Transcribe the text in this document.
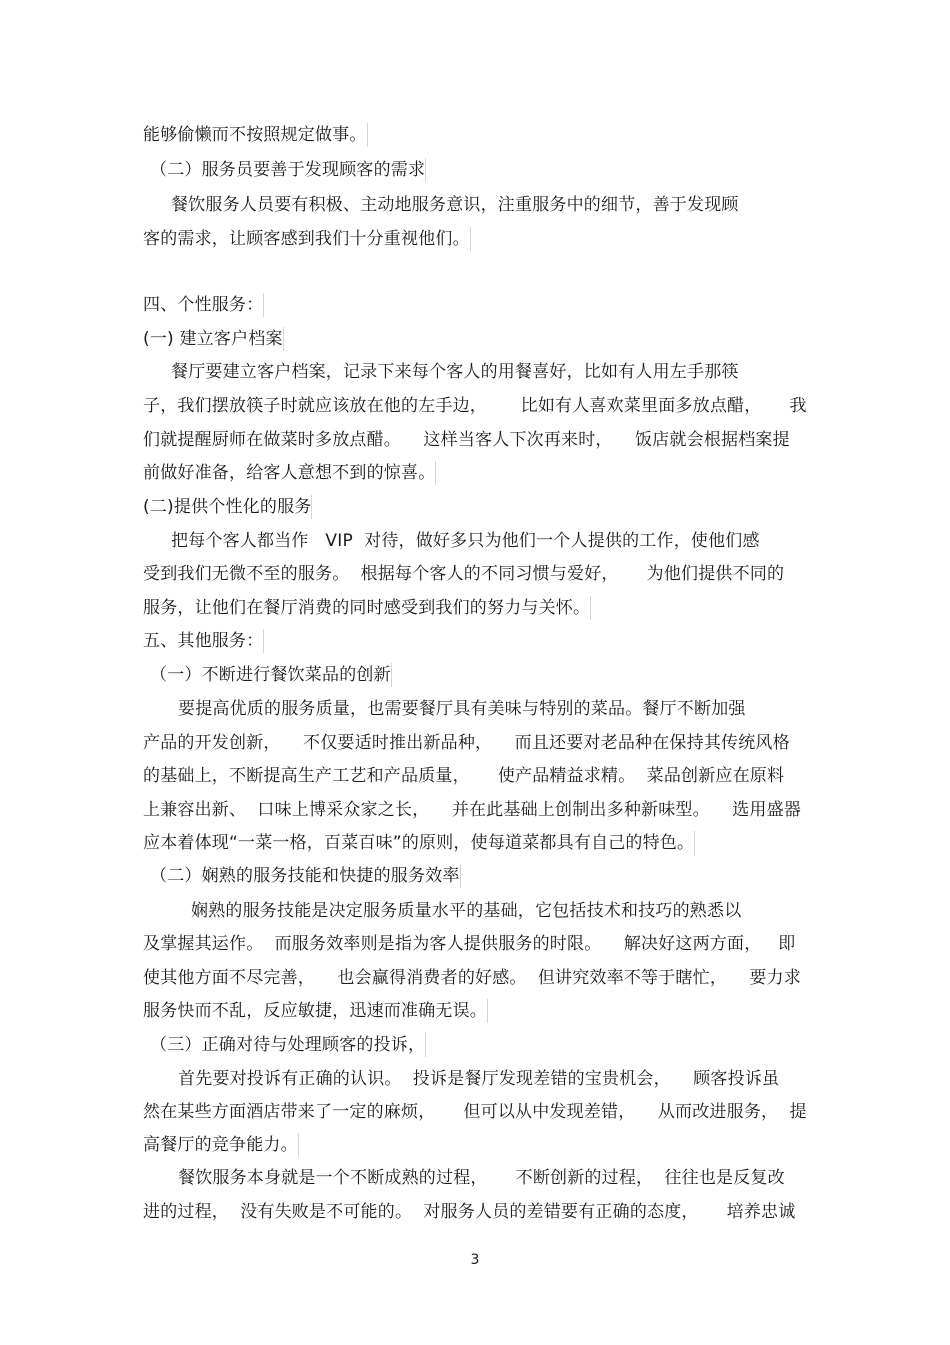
能够偷懒而不按照规定做事。
（二）服务员要善于发现顾客的需求
餐饮服务人员要有积极、主动地服务意识，注重服务中的细节，善于发现顾
客的需求，让顾客感到我们十分重视他们。
四、个性服务：
(一) 建立客户档案
餐厅要建立客户档案，记录下来每个客人的用餐喜好，比如有人用左手那筷
子，我们摆放筷子时就应该放在他的左手边，      比如有人喜欢菜里面多放点醋，     我
们就提醒厨师在做菜时多放点醋。    这样当客人下次再来时，    饭店就会根据档案提
前做好准备，给客人意想不到的惊喜。
(二)提供个性化的服务
把每个客人都当作   VIP  对待，做好多只为他们一个人提供的工作，使他们感
受到我们无微不至的服务。  根据每个客人的不同习惯与爱好，     为他们提供不同的
服务，让他们在餐厅消费的同时感受到我们的努力与关怀。
五、其他服务：
（一）不断进行餐饮菜品的创新
要提高优质的服务质量，也需要餐厅具有美味与特别的菜品。餐厅不断加强
产品的开发创新，    不仅要适时推出新品种，    而且还要对老品种在保持其传统风格
的基础上，不断提高生产工艺和产品质量，     使产品精益求精。  菜品创新应在原料
上兼容出新、  口味上博采众家之长，    并在此基础上创制出多种新味型。    选用盛器
应本着体现“一菜一格，百菜百味”的原则，使每道菜都具有自己的特色。
（二）娴熟的服务技能和快捷的服务效率
娴熟的服务技能是决定服务质量水平的基础，它包括技术和技巧的熟悉以
及掌握其运作。  而服务效率则是指为客人提供服务的时限。    解决好这两方面，   即
使其他方面不尽完善，    也会赢得消费者的好感。  但讲究效率不等于瞎忙，    要力求
服务快而不乱，反应敏捷，迅速而准确无误。
（三）正确对待与处理顾客的投诉，
首先要对投诉有正确的认识。  投诉是餐厅发现差错的宝贵机会，    顾客投诉虽
然在某些方面酒店带来了一定的麻烦，     但可以从中发现差错，    从而改进服务，  提
高餐厅的竞争能力。
餐饮服务本身就是一个不断成熟的过程，     不断创新的过程，  往往也是反复改
进的过程，  没有失败是不可能的。  对服务人员的差错要有正确的态度，     培养忠诚
3
